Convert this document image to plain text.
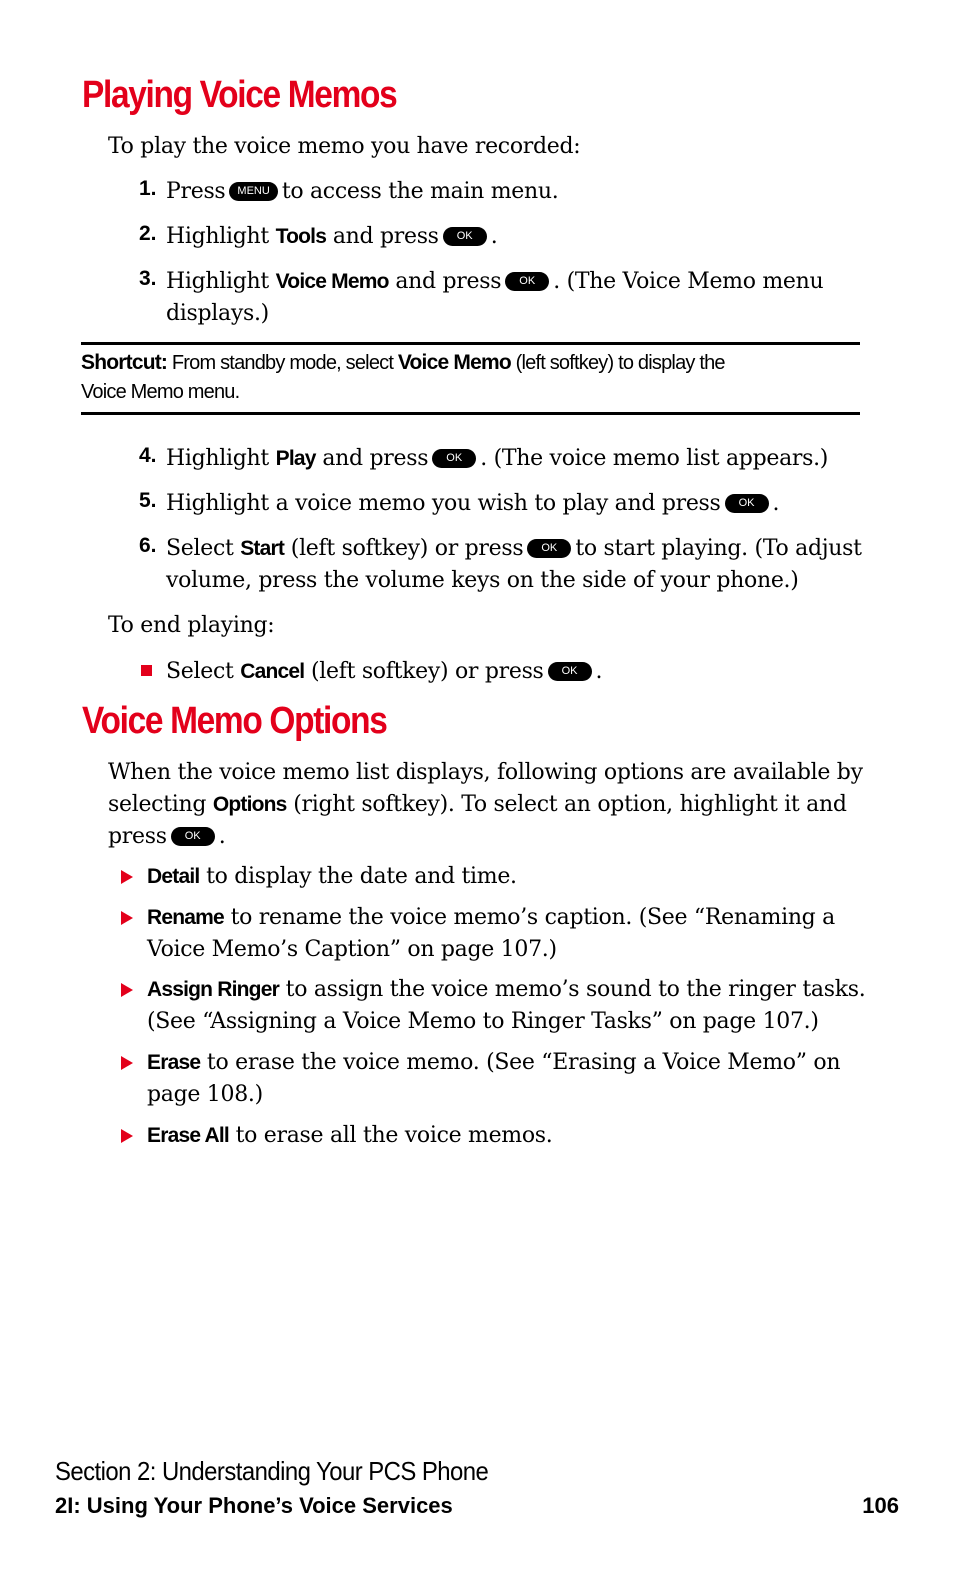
Playing Voice Memos
To play the voice memo you have recorded:
1. Press MENU to access the main menu.
2. Highlight Tools and press OK .
3. Highlight Voice Memo and press OK . (The Voice Memo menu
displays.)
Shortcut: From standby mode, select Voice Memo (left softkey) to display the
Voice Memo menu.
4. Highlight Play and press OK . (The voice memo list appears.)
5. Highlight a voice memo you wish to play and press OK .
6. Select Start (left softkey) or press OK to start playing. (To adjust
volume, press the volume keys on the side of your phone.)
To end playing:
Select Cancel (left softkey) or press OK .
Voice Memo Options
When the voice memo list displays, following options are available by
selecting Options (right softkey). To select an option, highlight it and
press OK .
Detail to display the date and time.
Rename to rename the voice memo’s caption. (See “Renaming a
Voice Memo’s Caption” on page 107.)
Assign Ringer to assign the voice memo’s sound to the ringer tasks.
(See “Assigning a Voice Memo to Ringer Tasks” on page 107.)
Erase to erase the voice memo. (See “Erasing a Voice Memo” on
page 108.)
Erase All to erase all the voice memos.
Section 2: Understanding Your PCS Phone
2I: Using Your Phone’s Voice Services	106
